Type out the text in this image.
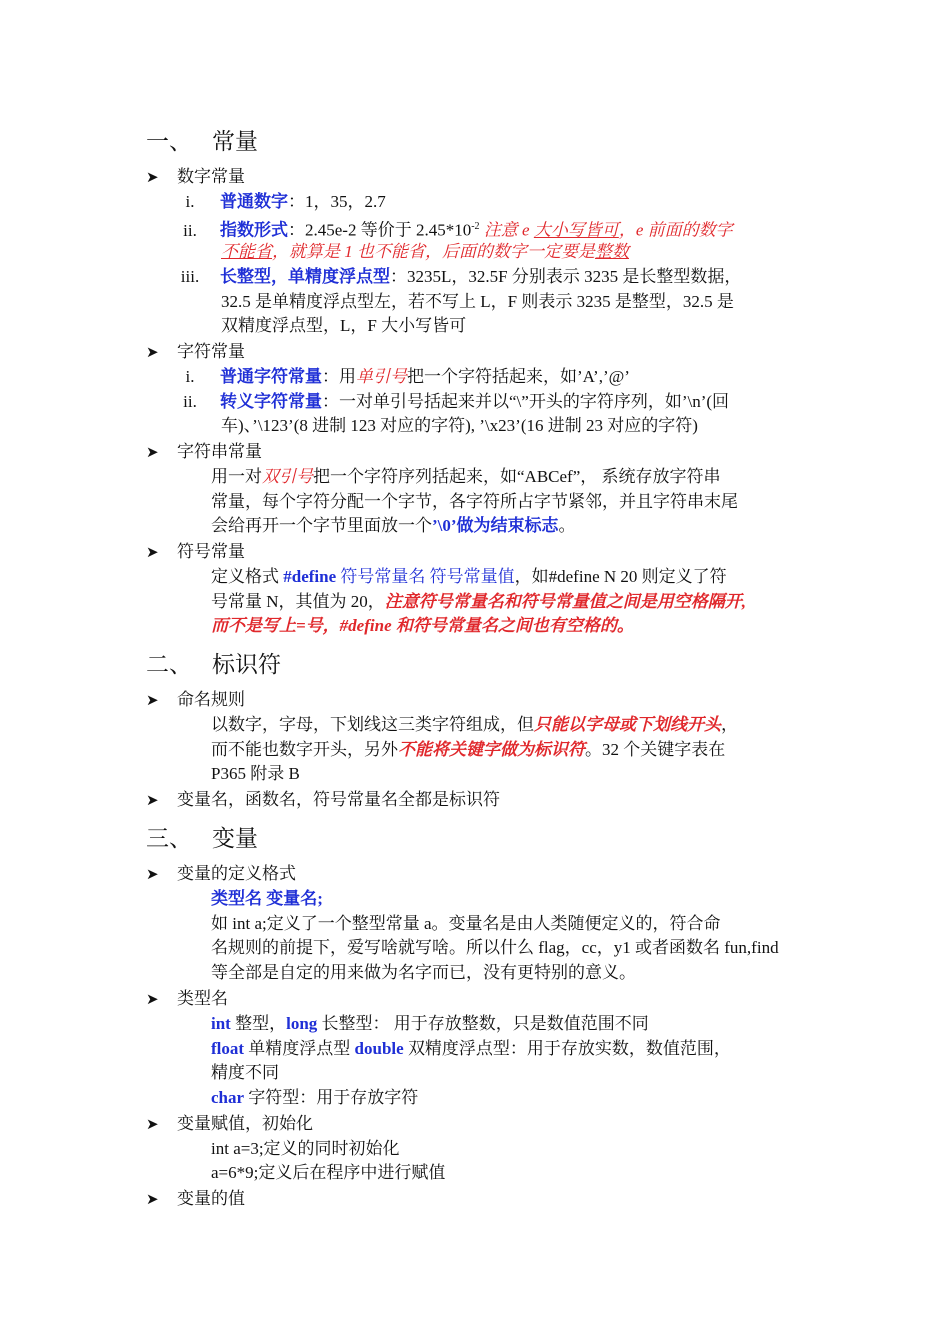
一、 常量
➤ 数字常量
i. 普通数字：1，35，2.7
ii. 指数形式：2.45e-2 等价于 $2.45*10^{-2}$ 注意 e 大小写皆可，e 前面的数字
不能省，就算是 1 也不能省，后面的数字一定要是整数
iii. 长整型，单精度浮点型：3235L，32.5F 分别表示 3235 是长整型数据，
32.5 是单精度浮点型左，若不写上 L，F 则表示 3235 是整型，32.5 是
双精度浮点型，L，F 大小写皆可
➤ 字符常量
i. 普通字符常量：用单引号把一个字符括起来，如’A’,’@’
ii. 转义字符常量：一对单引号括起来并以“\”开头的字符序列，如’\n’(回
车)、’\123’(8 进制 123 对应的字符), ’\x23’(16 进制 23 对应的字符)
➤ 字符串常量
用一对双引号把一个字符序列括起来，如“ABCef”， 系统存放字符串
常量，每个字符分配一个字节，各字符所占字节紧邻，并且字符串末尾
会给再开一个字节里面放一个’\0’做为结束标志。
➤ 符号常量
定义格式 #define 符号常量名 符号常量值，如#define N 20 则定义了符
号常量 N，其值为 20，注意符号常量名和符号常量值之间是用空格隔开,
而不是写上=号，#define 和符号常量名之间也有空格的。
二、 标识符
➤ 命名规则
以数字，字母，下划线这三类字符组成，但只能以字母或下划线开头，
而不能也数字开头，另外不能将关键字做为标识符。32 个关键字表在
P365 附录 B
➤ 变量名，函数名，符号常量名全都是标识符
三、 变量
➤ 变量的定义格式
类型名 变量名;
如 int a;定义了一个整型常量 a。变量名是由人类随便定义的，符合命
名规则的前提下，爱写啥就写啥。所以什么 flag，cc，y1 或者函数名 fun,find
等全部是自定的用来做为名字而已，没有更特别的意义。
➤ 类型名
int 整型，long 长整型： 用于存放整数，只是数值范围不同
float 单精度浮点型 double 双精度浮点型：用于存放实数，数值范围，
精度不同
char 字符型：用于存放字符
➤ 变量赋值，初始化
int a=3;定义的同时初始化
a=6*9;定义后在程序中进行赋值
➤ 变量的值
